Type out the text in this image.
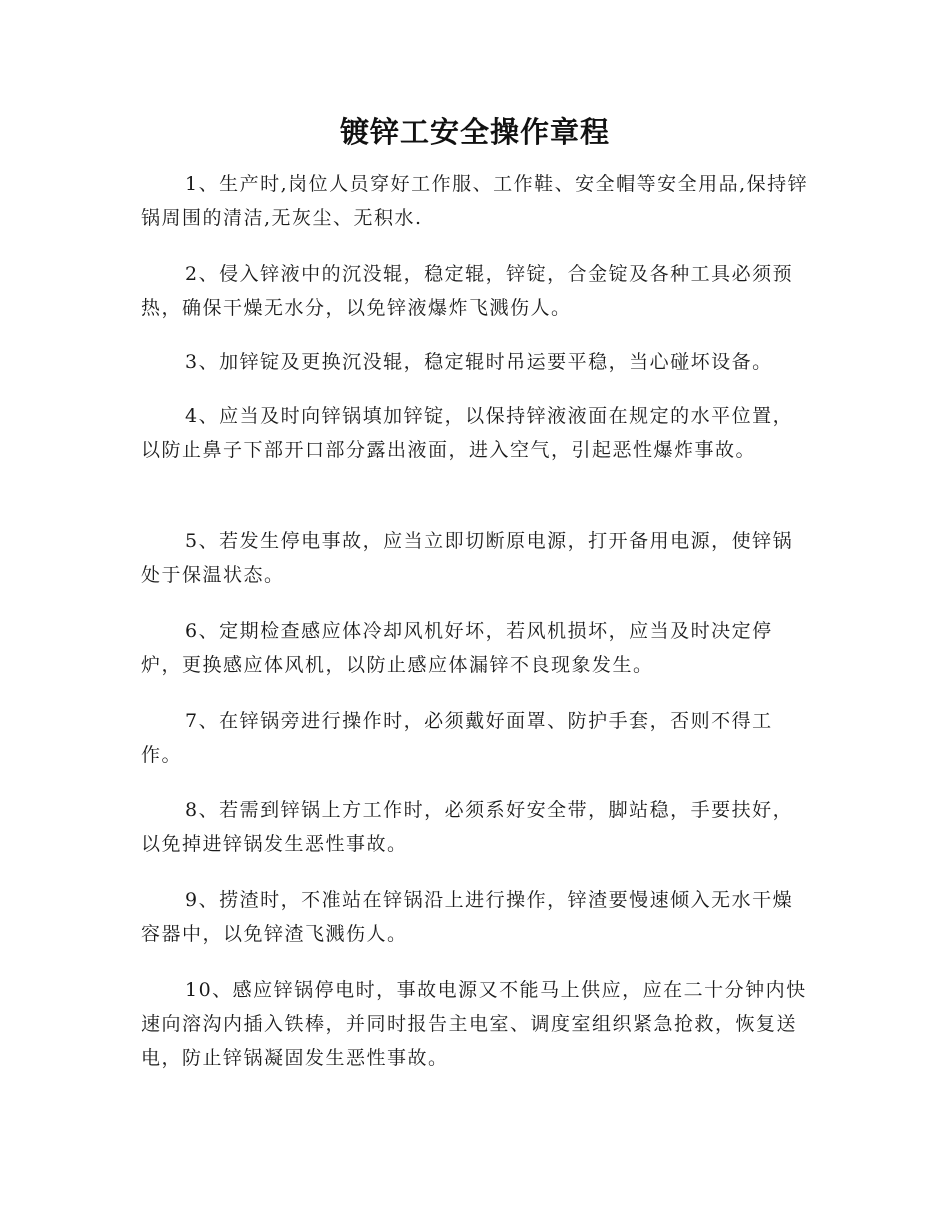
镀锌工安全操作章程

1、生产时,岗位人员穿好工作服、工作鞋、安全帽等安全用品,保持锌锅周围的清洁,无灰尘、无积水.

2、侵入锌液中的沉没辊，稳定辊，锌锭，合金锭及各种工具必须预热，确保干燥无水分，以免锌液爆炸飞溅伤人。

3、加锌锭及更换沉没辊，稳定辊时吊运要平稳，当心碰坏设备。

4、应当及时向锌锅填加锌锭，以保持锌液液面在规定的水平位置，以防止鼻子下部开口部分露出液面，进入空气，引起恶性爆炸事故。

5、若发生停电事故，应当立即切断原电源，打开备用电源，使锌锅处于保温状态。

6、定期检查感应体冷却风机好坏，若风机损坏，应当及时决定停炉，更换感应体风机，以防止感应体漏锌不良现象发生。

7、在锌锅旁进行操作时，必须戴好面罩、防护手套，否则不得工作。

8、若需到锌锅上方工作时，必须系好安全带，脚站稳，手要扶好，以免掉进锌锅发生恶性事故。

9、捞渣时，不准站在锌锅沿上进行操作，锌渣要慢速倾入无水干燥容器中，以免锌渣飞溅伤人。

10、感应锌锅停电时，事故电源又不能马上供应，应在二十分钟内快速向溶沟内插入铁棒，并同时报告主电室、调度室组织紧急抢救，恢复送电，防止锌锅凝固发生恶性事故。
